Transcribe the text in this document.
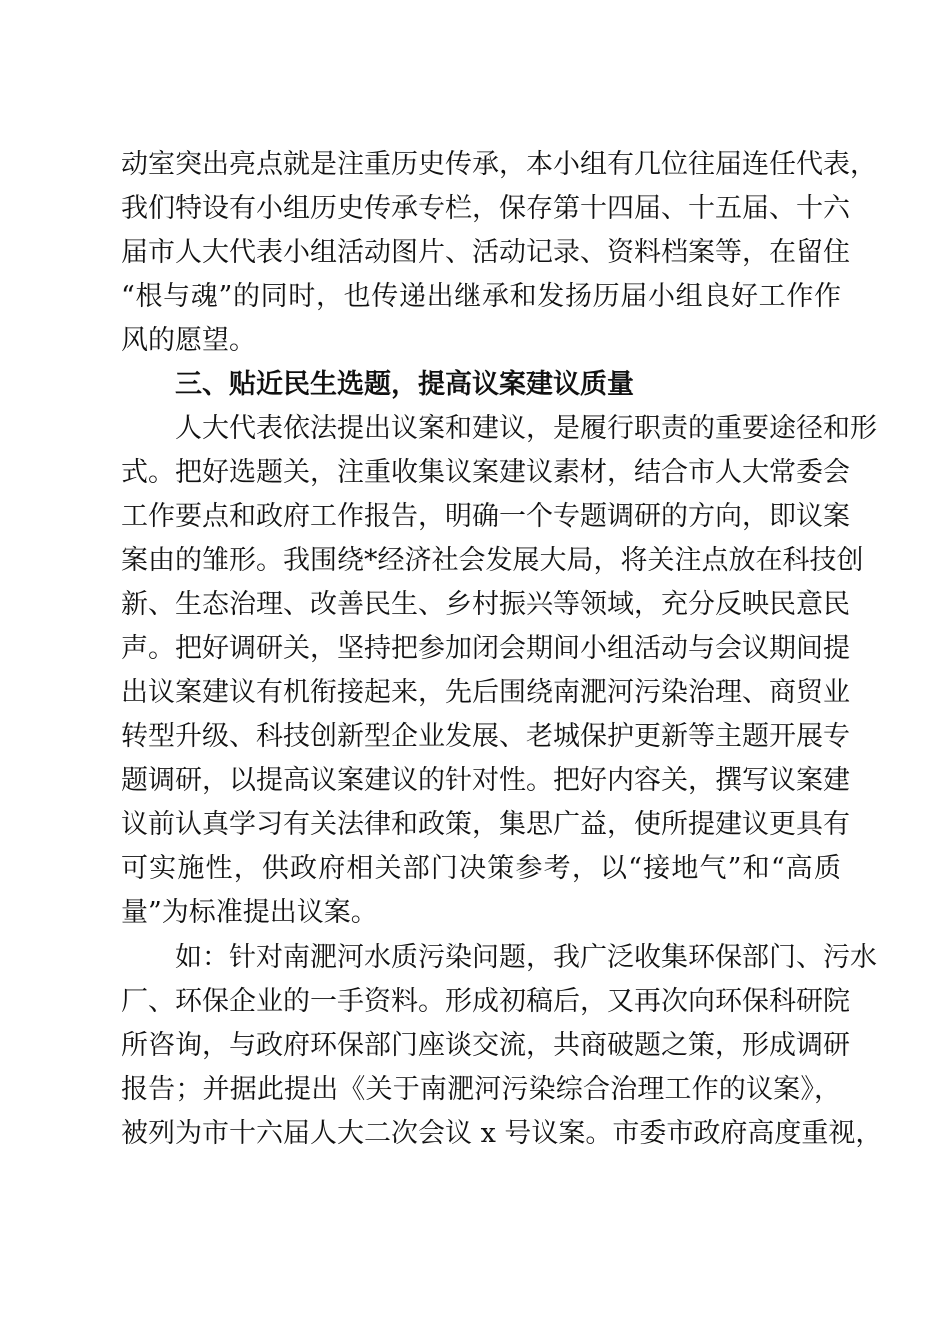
动室突出亮点就是注重历史传承，本小组有几位往届连任代表，
我们特设有小组历史传承专栏，保存第十四届、十五届、十六
届市人大代表小组活动图片、活动记录、资料档案等，在留住
“根与魂”的同时，也传递出继承和发扬历届小组良好工作作
风的愿望。
三、贴近民生选题，提高议案建议质量
人大代表依法提出议案和建议，是履行职责的重要途径和形
式。把好选题关，注重收集议案建议素材，结合市人大常委会
工作要点和政府工作报告，明确一个专题调研的方向，即议案
案由的雏形。我围绕*经济社会发展大局，将关注点放在科技创
新、生态治理、改善民生、乡村振兴等领域，充分反映民意民
声。把好调研关，坚持把参加闭会期间小组活动与会议期间提
出议案建议有机衔接起来，先后围绕南淝河污染治理、商贸业
转型升级、科技创新型企业发展、老城保护更新等主题开展专
题调研，以提高议案建议的针对性。把好内容关，撰写议案建
议前认真学习有关法律和政策，集思广益，使所提建议更具有
可实施性，供政府相关部门决策参考，以“接地气”和“高质
量”为标准提出议案。
如：针对南淝河水质污染问题，我广泛收集环保部门、污水
厂、环保企业的一手资料。形成初稿后，又再次向环保科研院
所咨询，与政府环保部门座谈交流，共商破题之策，形成调研
报告；并据此提出《关于南淝河污染综合治理工作的议案》，
被列为市十六届人大二次会议 x 号议案。市委市政府高度重视，
